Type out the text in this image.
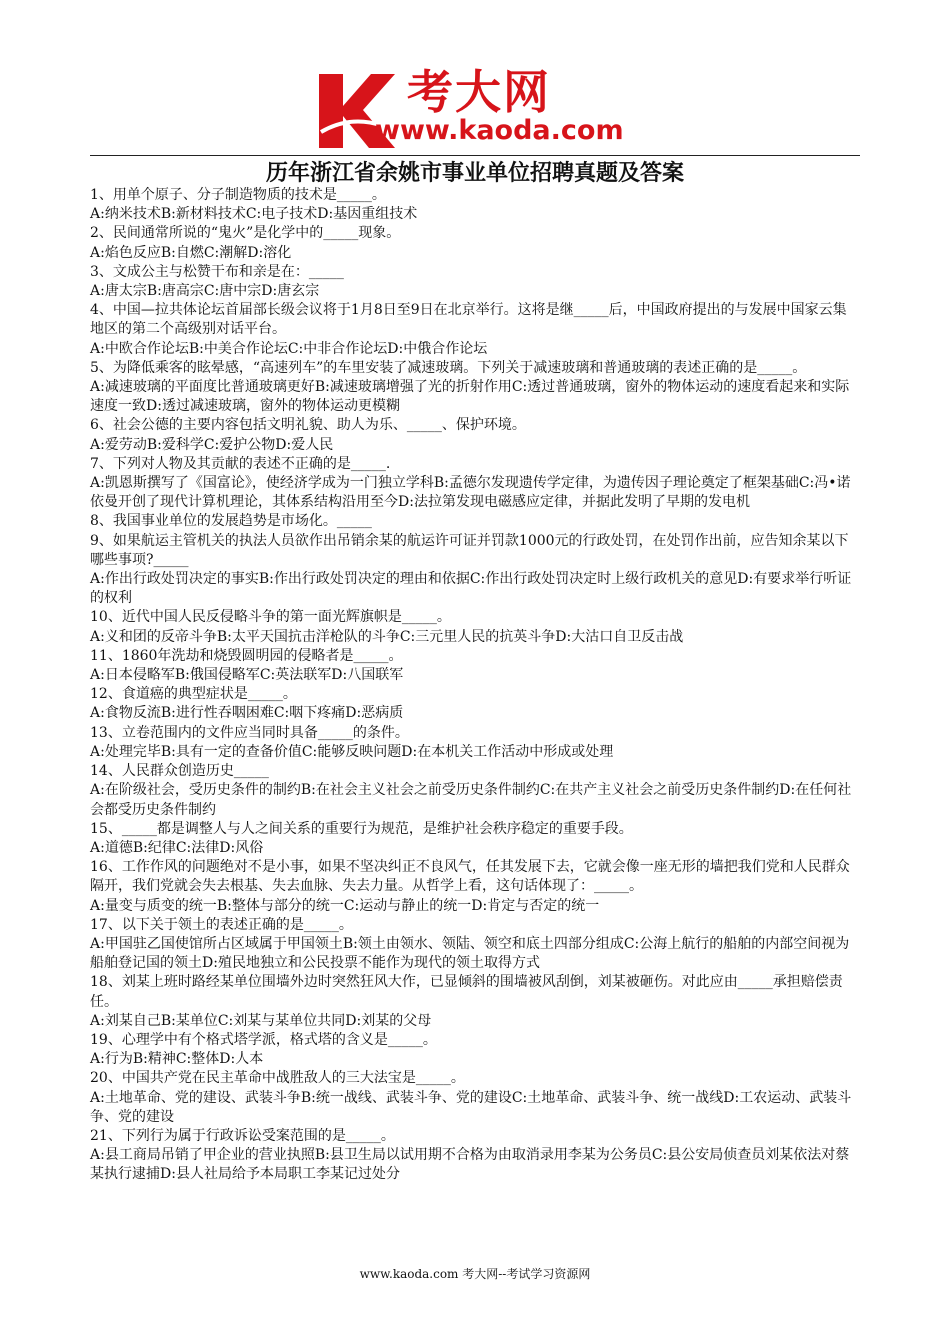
考大网
www.kaoda.com
历年浙江省余姚市事业单位招聘真题及答案

1、用单个原子、分子制造物质的技术是_____。

A:纳米技术B:新材料技术C:电子技术D:基因重组技术

2、民间通常所说的“鬼火”是化学中的_____现象。

A:焰色反应B:自燃C:潮解D:溶化

3、文成公主与松赞干布和亲是在：_____

A:唐太宗B:唐高宗C:唐中宗D:唐玄宗

4、中国—拉共体论坛首届部长级会议将于1月8日至9日在北京举行。这将是继_____后，中国政府提出的与发展中国家云集地区的第二个高级别对话平台。

A:中欧合作论坛B:中美合作论坛C:中非合作论坛D:中俄合作论坛

5、为降低乘客的眩晕感，“高速列车”的车里安装了减速玻璃。下列关于减速玻璃和普通玻璃的表述正确的是_____。

A:减速玻璃的平面度比普通玻璃更好B:减速玻璃增强了光的折射作用C:透过普通玻璃，窗外的物体运动的速度看起来和实际速度一致D:透过减速玻璃，窗外的物体运动更模糊

6、社会公德的主要内容包括文明礼貌、助人为乐、_____、保护环境。

A:爱劳动B:爱科学C:爱护公物D:爱人民

7、下列对人物及其贡献的表述不正确的是_____.

A:凯恩斯撰写了《国富论》，使经济学成为一门独立学科B:孟德尔发现遗传学定律，为遗传因子理论奠定了框架基础C:冯•诺依曼开创了现代计算机理论，其体系结构沿用至今D:法拉第发现电磁感应定律，并据此发明了早期的发电机

8、我国事业单位的发展趋势是市场化。_____

9、如果航运主管机关的执法人员欲作出吊销余某的航运许可证并罚款1000元的行政处罚，在处罚作出前，应告知余某以下哪些事项?_____

A:作出行政处罚决定的事实B:作出行政处罚决定的理由和依据C:作出行政处罚决定时上级行政机关的意见D:有要求举行听证的权利

10、近代中国人民反侵略斗争的第一面光辉旗帜是_____。

A:义和团的反帝斗争B:太平天国抗击洋枪队的斗争C:三元里人民的抗英斗争D:大沽口自卫反击战

11、1860年洗劫和烧毁圆明园的侵略者是_____。

A:日本侵略军B:俄国侵略军C:英法联军D:八国联军

12、食道癌的典型症状是_____。

A:食物反流B:进行性吞咽困难C:咽下疼痛D:恶病质

13、立卷范围内的文件应当同时具备_____的条件。

A:处理完毕B:具有一定的查备价值C:能够反映问题D:在本机关工作活动中形成或处理

14、人民群众创造历史_____

A:在阶级社会，受历史条件的制约B:在社会主义社会之前受历史条件制约C:在共产主义社会之前受历史条件制约D:在任何社会都受历史条件制约

15、_____都是调整人与人之间关系的重要行为规范，是维护社会秩序稳定的重要手段。

A:道德B:纪律C:法律D:风俗

16、工作作风的问题绝对不是小事，如果不坚决纠正不良风气，任其发展下去，它就会像一座无形的墙把我们党和人民群众隔开，我们党就会失去根基、失去血脉、失去力量。从哲学上看，这句话体现了：_____。

A:量变与质变的统一B:整体与部分的统一C:运动与静止的统一D:肯定与否定的统一

17、以下关于领土的表述正确的是_____。

A:甲国驻乙国使馆所占区域属于甲国领土B:领土由领水、领陆、领空和底土四部分组成C:公海上航行的船舶的内部空间视为船舶登记国的领土D:殖民地独立和公民投票不能作为现代的领土取得方式

18、刘某上班时路经某单位围墙外边时突然狂风大作，已显倾斜的围墙被风刮倒，刘某被砸伤。对此应由_____承担赔偿责任。

A:刘某自己B:某单位C:刘某与某单位共同D:刘某的父母

19、心理学中有个格式塔学派，格式塔的含义是_____。

A:行为B:精神C:整体D:人本

20、中国共产党在民主革命中战胜敌人的三大法宝是_____。

A:土地革命、党的建设、武装斗争B:统一战线、武装斗争、党的建设C:土地革命、武装斗争、统一战线D:工农运动、武装斗争、党的建设

21、下列行为属于行政诉讼受案范围的是_____。

A:县工商局吊销了甲企业的营业执照B:县卫生局以试用期不合格为由取消录用李某为公务员C:县公安局侦查员刘某依法对蔡某执行逮捕D:县人社局给予本局职工李某记过处分

www.kaoda.com 考大网--考试学习资源网
